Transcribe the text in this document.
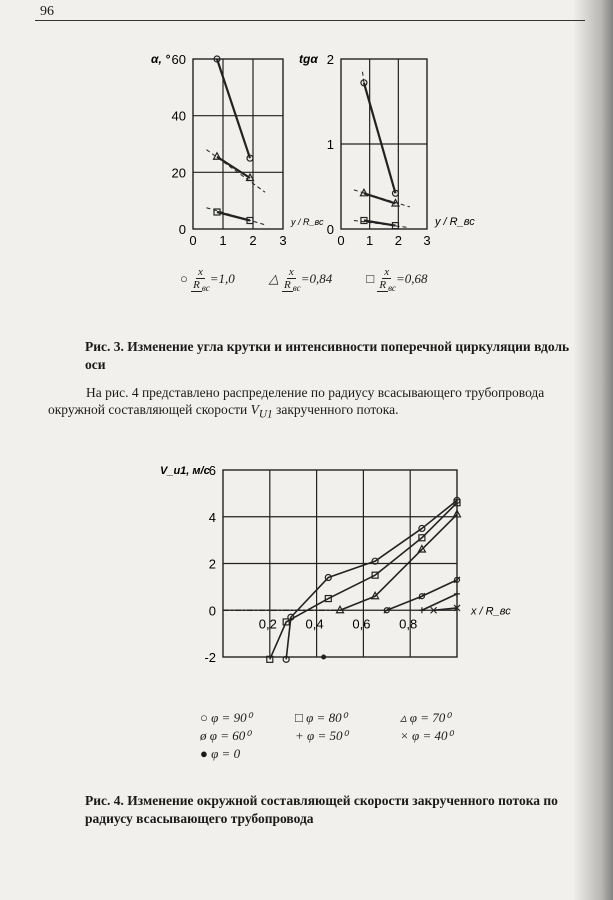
96
0
20
40
60
0 1 2 3
α, °
y / R_вс 0
1
2
0 1 2 3
tgα
y / R_вс
-2
0
2
4
6
0,2 0,4 0,6 0,8
V_u1, м/с
x / R_вс
○ $\frac{x}{R _{вс}} =1,0$	△ $\frac{x}{R _{вс}} =0,84$	□ $\frac{x}{R _{вс}} =0,68$
Рис. 3. Изменение угла крутки и интенсивности поперечной циркуляции вдоль оси
На рис. 4 представлено распределение по радиусу всасывающего трубопровода окружной составляющей скорости $V_{U1}$ закрученного потока.
○ φ = 90⁰	□ φ = 80⁰	▵ φ = 70⁰
ø φ = 60⁰	+ φ = 50⁰	× φ = 40⁰
● φ = 0
Рис. 4. Изменение окружной составляющей скорости закрученного потока по радиусу всасывающего трубопровода
